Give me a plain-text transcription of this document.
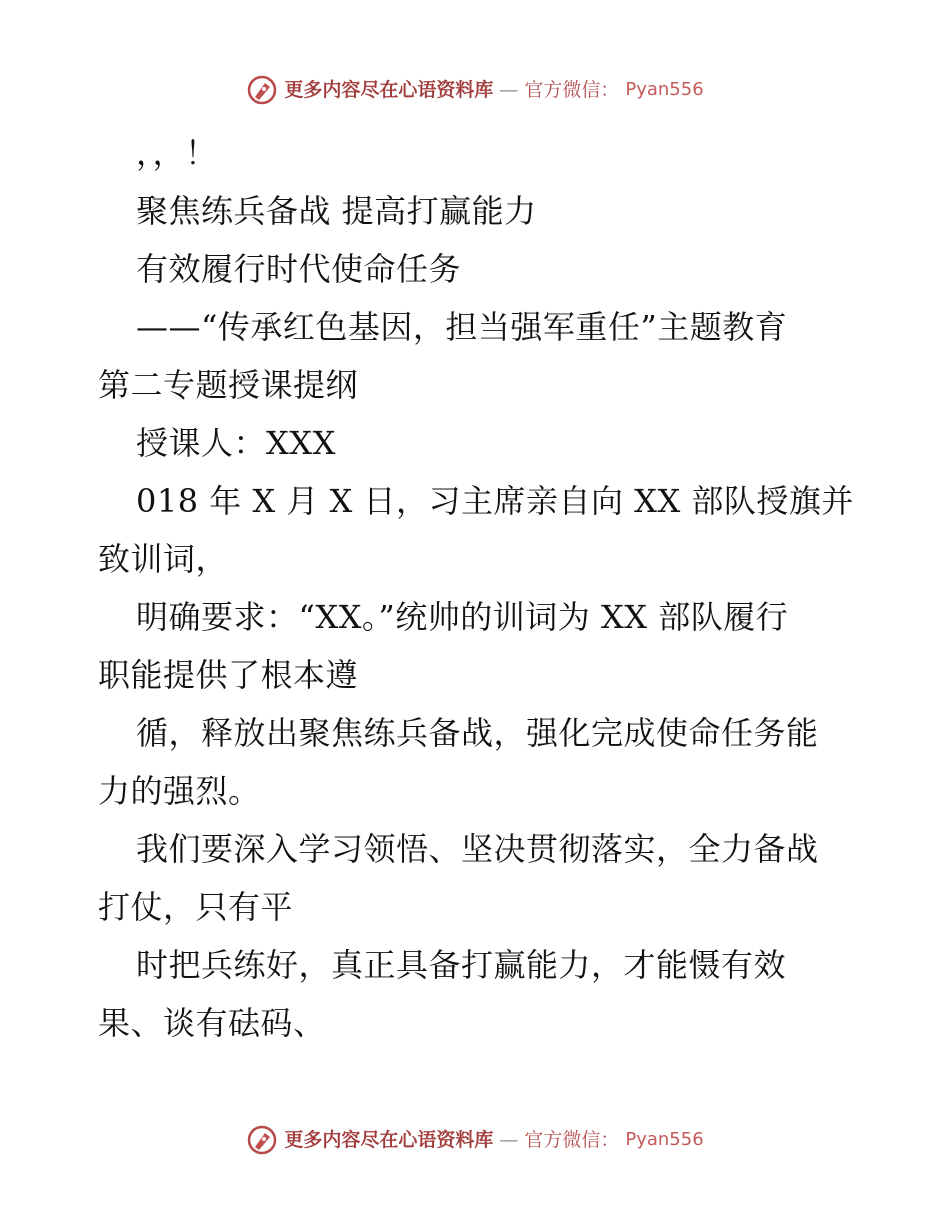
更多内容尽在心语资料库 — 官方微信： Pyan556
，，！
聚焦练兵备战 提高打赢能力
有效履行时代使命任务
——“传承红色基因，担当强军重任”主题教育
第二专题授课提纲
授课人：XXX
018 年 X 月 X 日，习主席亲自向 XX 部队授旗并
致训词，
明确要求：“XX。”统帅的训词为 XX 部队履行
职能提供了根本遵
循，释放出聚焦练兵备战，强化完成使命任务能
力的强烈。
我们要深入学习领悟、坚决贯彻落实，全力备战
打仗，只有平
时把兵练好，真正具备打赢能力，才能慑有效
果、谈有砝码、
更多内容尽在心语资料库 — 官方微信： Pyan556
